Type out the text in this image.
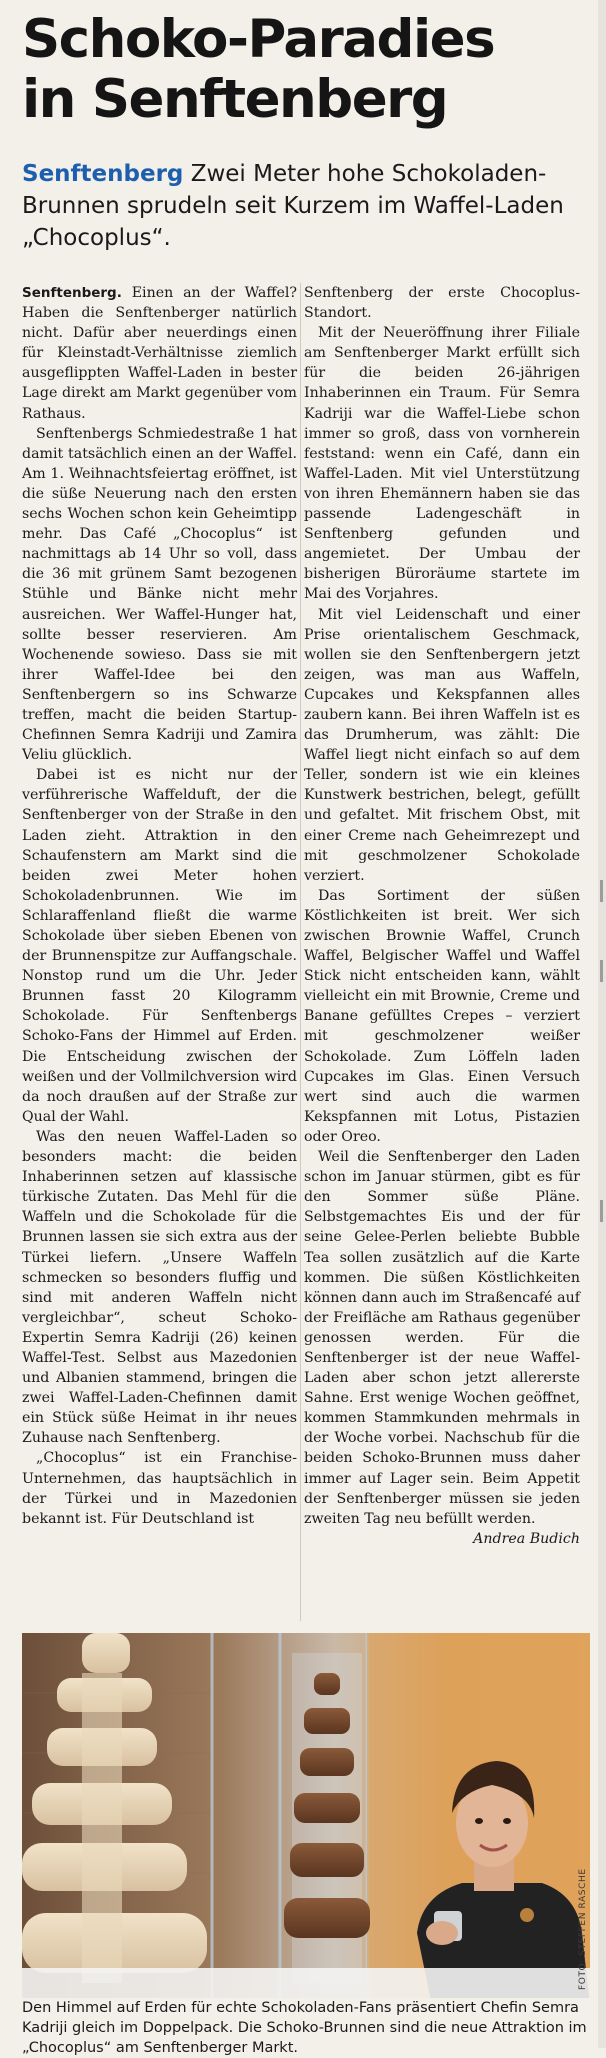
Schoko-Paradies
in Senftenberg

Senftenberg Zwei Meter hohe Schokoladen-Brunnen sprudeln seit Kurzem im Waffel-Laden „Chocoplus“.

Senftenberg. Einen an der Waffel? Haben die Senftenberger natürlich nicht. Dafür aber neuerdings einen für Kleinstadt-Verhältnisse ziemlich ausgeflippten Waffel-Laden in bester Lage direkt am Markt gegenüber vom Rathaus.

Senftenbergs Schmiedestraße 1 hat damit tatsächlich einen an der Waffel. Am 1. Weihnachtsfeiertag eröffnet, ist die süße Neuerung nach den ersten sechs Wochen schon kein Geheimtipp mehr. Das Café „Chocoplus“ ist nachmittags ab 14 Uhr so voll, dass die 36 mit grünem Samt bezogenen Stühle und Bänke nicht mehr ausreichen. Wer Waffel-Hunger hat, sollte besser reservieren. Am Wochenende sowieso. Dass sie mit ihrer Waffel-Idee bei den Senftenbergern so ins Schwarze treffen, macht die beiden Startup-Chefinnen Semra Kadriji und Zamira Veliu glücklich.

Dabei ist es nicht nur der verführerische Waffelduft, der die Senftenberger von der Straße in den Laden zieht. Attraktion in den Schaufenstern am Markt sind die beiden zwei Meter hohen Schokoladenbrunnen. Wie im Schlaraffenland fließt die warme Schokolade über sieben Ebenen von der Brunnenspitze zur Auffangschale. Nonstop rund um die Uhr. Jeder Brunnen fasst 20 Kilogramm Schokolade. Für Senftenbergs Schoko-Fans der Himmel auf Erden. Die Entscheidung zwischen der weißen und der Vollmilchversion wird da noch draußen auf der Straße zur Qual der Wahl.

Was den neuen Waffel-Laden so besonders macht: die beiden Inhaberinnen setzen auf klassische türkische Zutaten. Das Mehl für die Waffeln und die Schokolade für die Brunnen lassen sie sich extra aus der Türkei liefern. „Unsere Waffeln schmecken so besonders fluffig und sind mit anderen Waffeln nicht vergleichbar“, scheut Schoko-Expertin Semra Kadriji (26) keinen Waffel-Test. Selbst aus Mazedonien und Albanien stammend, bringen die zwei Waffel-Laden-Chefinnen damit ein Stück süße Heimat in ihr neues Zuhause nach Senftenberg.

„Chocoplus“ ist ein Franchise-Unternehmen, das hauptsächlich in der Türkei und in Mazedonien bekannt ist. Für Deutschland ist

Senftenberg der erste Chocoplus-Standort.

Mit der Neueröffnung ihrer Filiale am Senftenberger Markt erfüllt sich für die beiden 26-jährigen Inhaberinnen ein Traum. Für Semra Kadriji war die Waffel-Liebe schon immer so groß, dass von vornherein feststand: wenn ein Café, dann ein Waffel-Laden. Mit viel Unterstützung von ihren Ehemännern haben sie das passende Ladengeschäft in Senftenberg gefunden und angemietet. Der Umbau der bisherigen Büroräume startete im Mai des Vorjahres.

Mit viel Leidenschaft und einer Prise orientalischem Geschmack, wollen sie den Senftenbergern jetzt zeigen, was man aus Waffeln, Cupcakes und Kekspfannen alles zaubern kann. Bei ihren Waffeln ist es das Drumherum, was zählt: Die Waffel liegt nicht einfach so auf dem Teller, sondern ist wie ein kleines Kunstwerk bestrichen, belegt, gefüllt und gefaltet. Mit frischem Obst, mit einer Creme nach Geheimrezept und mit geschmolzener Schokolade verziert.

Das Sortiment der süßen Köstlichkeiten ist breit. Wer sich zwischen Brownie Waffel, Crunch Waffel, Belgischer Waffel und Waffel Stick nicht entscheiden kann, wählt vielleicht ein mit Brownie, Creme und Banane gefülltes Crepes – verziert mit geschmolzener weißer Schokolade. Zum Löffeln laden Cupcakes im Glas. Einen Versuch wert sind auch die warmen Kekspfannen mit Lotus, Pistazien oder Oreo.

Weil die Senftenberger den Laden schon im Januar stürmen, gibt es für den Sommer süße Pläne. Selbstgemachtes Eis und der für seine Gelee-Perlen beliebte Bubble Tea sollen zusätzlich auf die Karte kommen. Die süßen Köstlichkeiten können dann auch im Straßencafé auf der Freifläche am Rathaus gegenüber genossen werden. Für die Senftenberger ist der neue Waffel-Laden aber schon jetzt allererste Sahne. Erst wenige Wochen geöffnet, kommen Stammkunden mehrmals in der Woche vorbei. Nachschub für die beiden Schoko-Brunnen muss daher immer auf Lager sein. Beim Appetit der Senftenberger müssen sie jeden zweiten Tag neu befüllt werden.
Andrea Budich

FOTO: STEFFEN RASCHE

Den Himmel auf Erden für echte Schokoladen-Fans präsentiert Chefin Semra Kadriji gleich im Doppelpack. Die Schoko-Brunnen sind die neue Attraktion im „Chocoplus“ am Senftenberger Markt.
